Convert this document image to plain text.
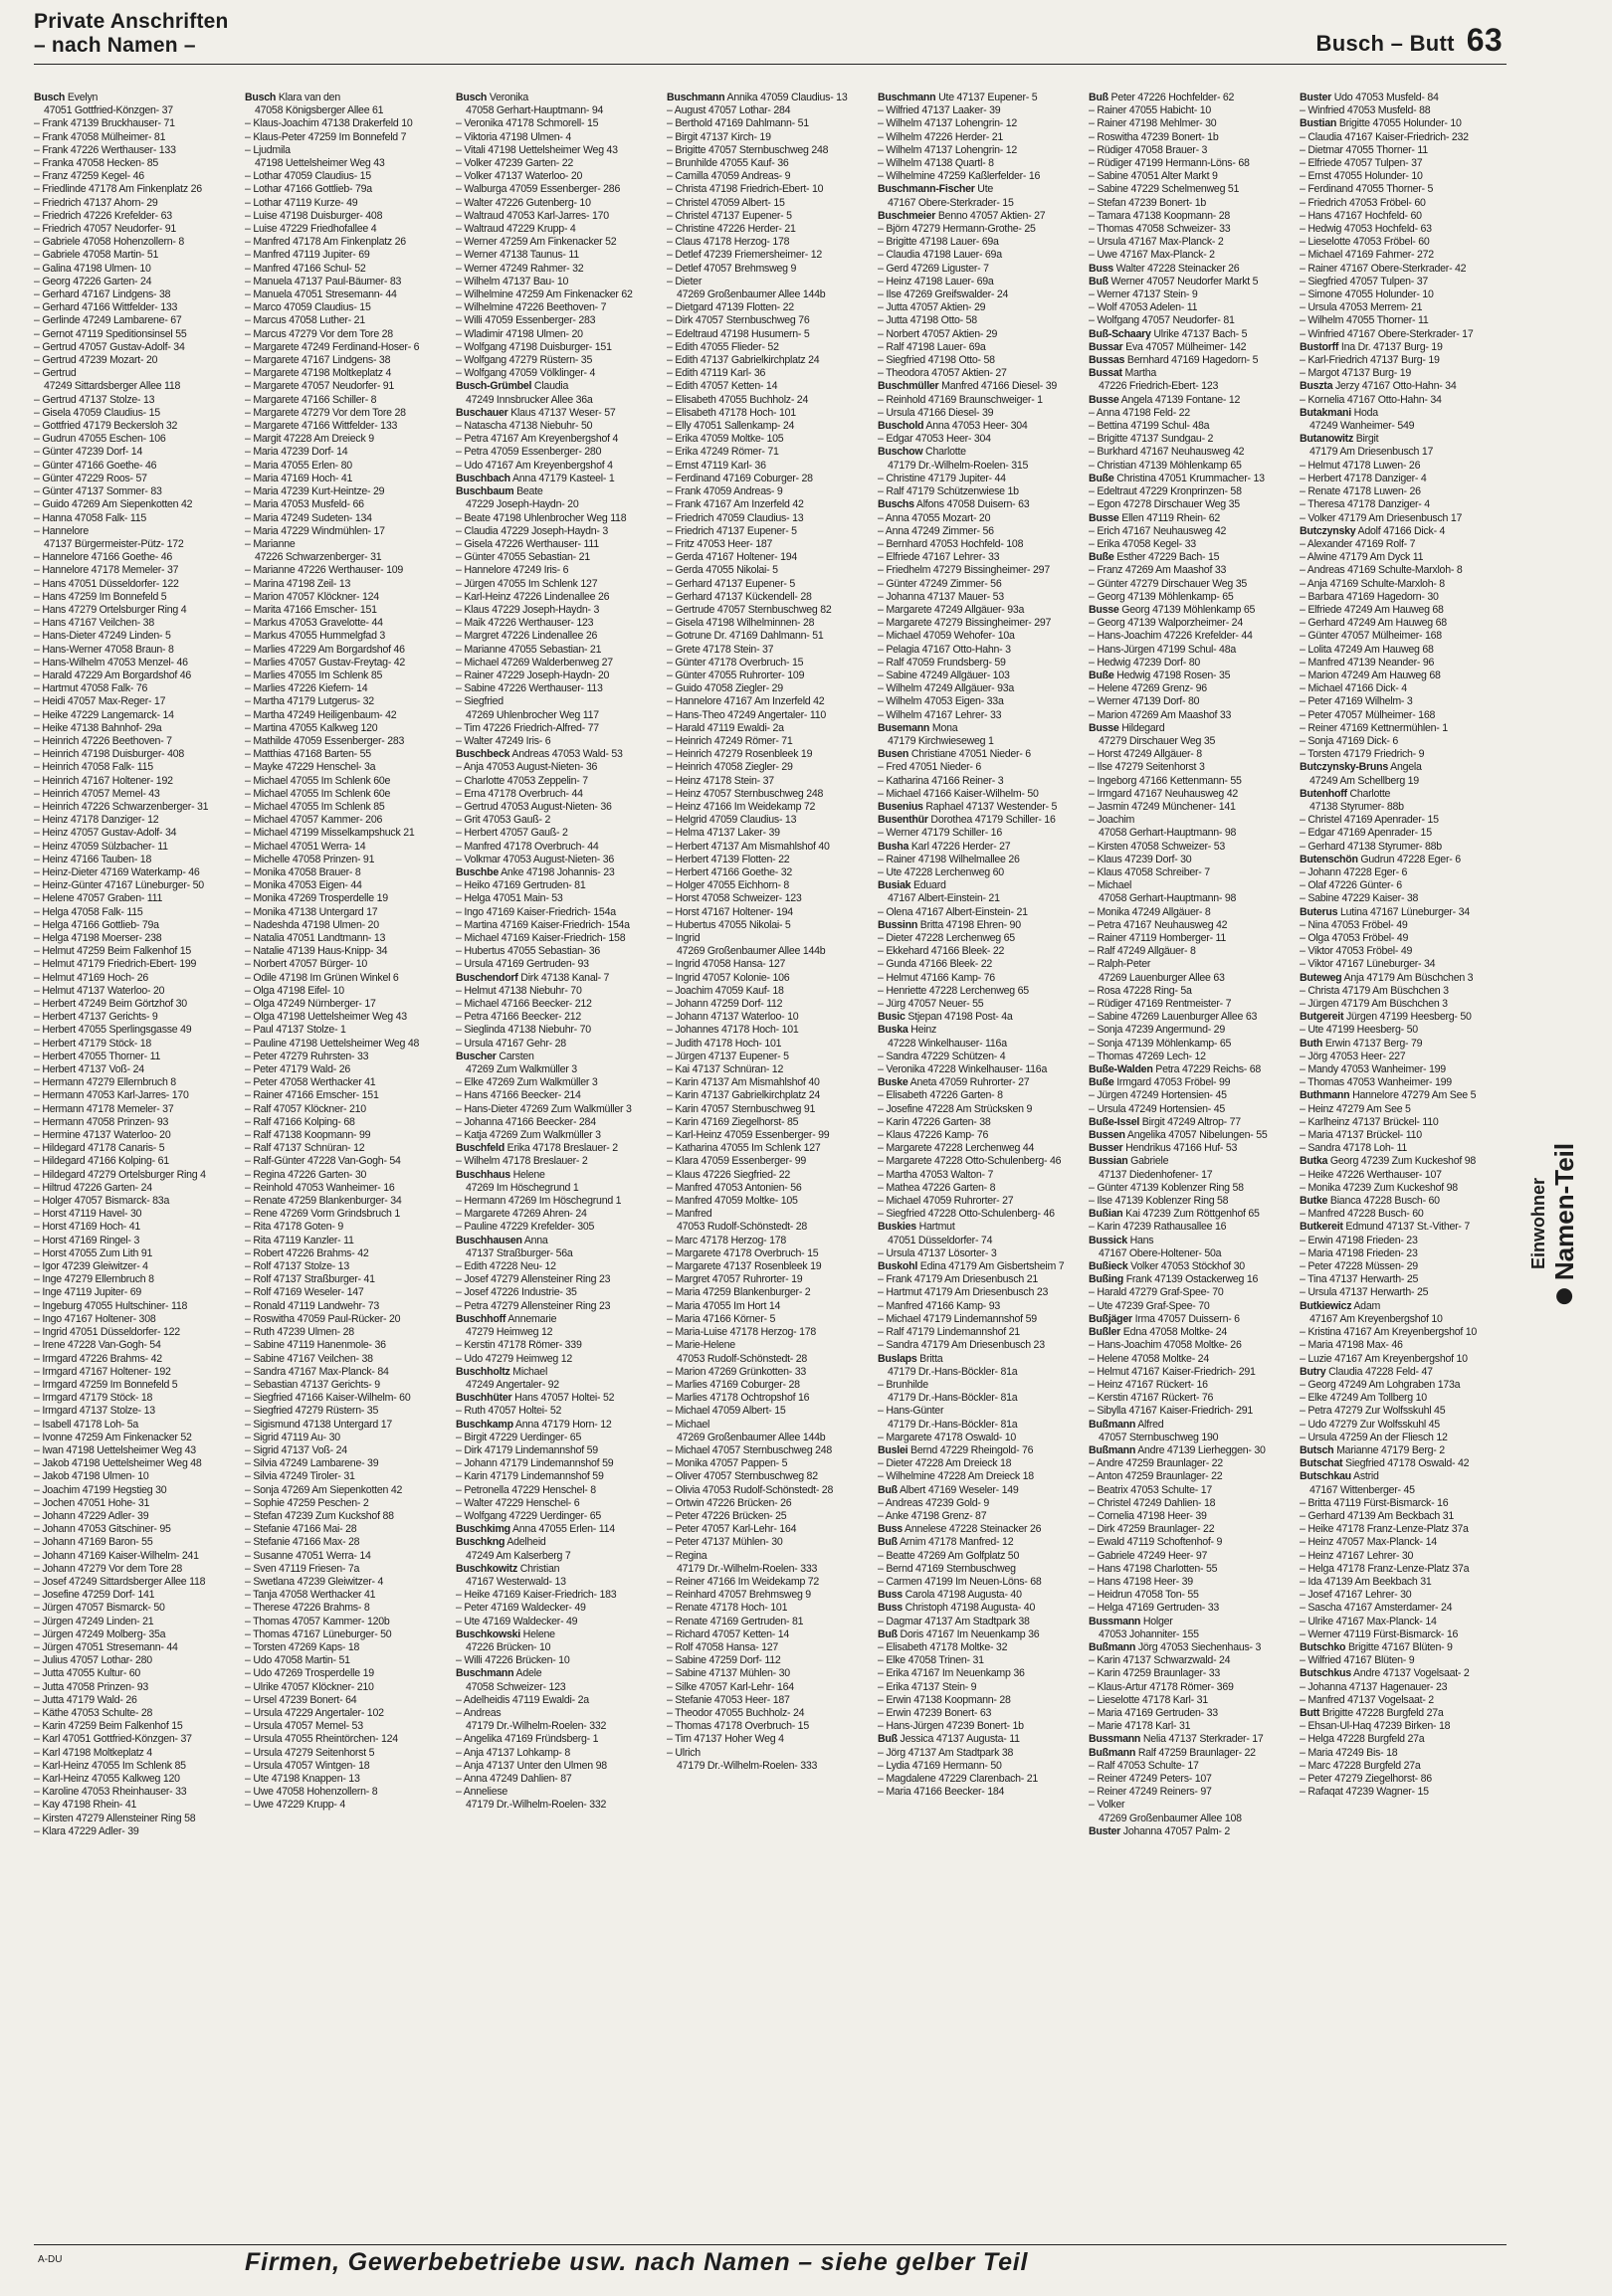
Private Anschriften
– nach Namen –	Busch – Butt 63
Busch Evelyn
47051 Gottfried-Könzgen- 37
– Frank 47139 Bruckhauser- 71
– Frank 47058 Mülheimer- 81
– Frank 47226 Werthauser- 133
– Franka 47058 Hecken- 85
– Franz 47259 Kegel- 46
– Friedlinde 47178 Am Finkenplatz 26
– Friedrich 47137 Ahorn- 29
– Friedrich 47226 Krefelder- 63
– Friedrich 47057 Neudorfer- 91
– Gabriele 47058 Hohenzollern- 8
– Gabriele 47058 Martin- 51
– Galina 47198 Ulmen- 10
– Georg 47226 Garten- 24
– Gerhard 47167 Lindgens- 38
– Gerhard 47166 Wittfelder- 133
– Gerlinde 47249 Lambarene- 67
– Gernot 47119 Speditionsinsel 55
– Gertrud 47057 Gustav-Adolf- 34
– Gertrud 47239 Mozart- 20
– Gertrud
47249 Sittardsberger Allee 118
– Gertrud 47137 Stolze- 13
– Gisela 47059 Claudius- 15
– Gottfried 47179 Beckersloh 32
– Gudrun 47055 Eschen- 106
– Günter 47239 Dorf- 14
– Günter 47166 Goethe- 46
– Günter 47229 Roos- 57
– Günter 47137 Sommer- 83
– Guido 47269 Am Siepenkotten 42
– Hanna 47058 Falk- 115
– Hannelore
47137 Bürgermeister-Pütz- 172
– Hannelore 47166 Goethe- 46
– Hannelore 47178 Memeler- 37
– Hans 47051 Düsseldorfer- 122
– Hans 47259 Im Bonnefeld 5
– Hans 47279 Ortelsburger Ring 4
– Hans 47167 Veilchen- 38
– Hans-Dieter 47249 Linden- 5
– Hans-Werner 47058 Braun- 8
– Hans-Wilhelm 47053 Menzel- 46
– Harald 47229 Am Borgardshof 46
– Hartmut 47058 Falk- 76
– Heidi 47057 Max-Reger- 17
– Heike 47229 Langemarck- 14
– Heike 47138 Bahnhof- 29a
– Heinrich 47226 Beethoven- 7
– Heinrich 47198 Duisburger- 408
– Heinrich 47058 Falk- 115
– Heinrich 47167 Holtener- 192
– Heinrich 47057 Memel- 43
– Heinrich 47226 Schwarzenberger- 31
– Heinz 47178 Danziger- 12
– Heinz 47057 Gustav-Adolf- 34
– Heinz 47059 Sülzbacher- 11
– Heinz 47166 Tauben- 18
– Heinz-Dieter 47169 Waterkamp- 46
– Heinz-Günter 47167 Lüneburger- 50
– Helene 47057 Graben- 111
– Helga 47058 Falk- 115
– Helga 47166 Gottlieb- 79a
– Helga 47198 Moerser- 238
– Helmut 47259 Beim Falkenhof 15
– Helmut 47179 Friedrich-Ebert- 199
– Helmut 47169 Hoch- 26
– Helmut 47137 Waterloo- 20
– Herbert 47249 Beim Görtzhof 30
– Herbert 47137 Gerichts- 9
– Herbert 47055 Sperlingsgasse 49
– Herbert 47179 Stöck- 18
– Herbert 47055 Thorner- 11
– Herbert 47137 Voß- 24
– Hermann 47279 Ellernbruch 8
– Hermann 47053 Karl-Jarres- 170
– Hermann 47178 Memeler- 37
– Hermann 47058 Prinzen- 93
– Hermine 47137 Waterloo- 20
– Hildegard 47178 Canaris- 5
– Hildegard 47166 Kolping- 61
– Hildegard 47279 Ortelsburger Ring 4
– Hiltrud 47226 Garten- 24
– Holger 47057 Bismarck- 83a
– Horst 47119 Havel- 30
– Horst 47169 Hoch- 41
– Horst 47169 Ringel- 3
– Horst 47055 Zum Lith 91
– Igor 47239 Gleiwitzer- 4
– Inge 47279 Ellernbruch 8
– Inge 47119 Jupiter- 69
– Ingeburg 47055 Hultschiner- 118
– Ingo 47167 Holtener- 308
– Ingrid 47051 Düsseldorfer- 122
– Irene 47228 Van-Gogh- 54
– Irmgard 47226 Brahms- 42
– Irmgard 47167 Holtener- 192
– Irmgard 47259 Im Bonnefeld 5
– Irmgard 47179 Stöck- 18
– Irmgard 47137 Stolze- 13
– Isabell 47178 Loh- 5a
– Ivonne 47259 Am Finkenacker 52
– Iwan 47198 Uettelsheimer Weg 43
– Jakob 47198 Uettelsheimer Weg 48
– Jakob 47198 Ulmen- 10
– Joachim 47199 Hegstieg 30
– Jochen 47051 Hohe- 31
– Johann 47229 Adler- 39
– Johann 47053 Gitschiner- 95
– Johann 47169 Baron- 55
– Johann 47169 Kaiser-Wilhelm- 241
– Johann 47279 Vor dem Tore 28
– Josef 47249 Sittardsberger Allee 118
– Josefine 47259 Dorf- 141
– Jürgen 47057 Bismarck- 50
– Jürgen 47249 Linden- 21
– Jürgen 47249 Molberg- 35a
– Jürgen 47051 Stresemann- 44
– Julius 47057 Lothar- 280
– Jutta 47055 Kultur- 60
– Jutta 47058 Prinzen- 93
– Jutta 47179 Wald- 26
– Käthe 47053 Schulte- 28
– Karin 47259 Beim Falkenhof 15
– Karl 47051 Gottfried-Könzgen- 37
– Karl 47198 Moltkeplatz 4
– Karl-Heinz 47055 Im Schlenk 85
– Karl-Heinz 47055 Kalkweg 120
– Karoline 47053 Rheinhauser- 33
– Kay 47198 Rhein- 41
– Kirsten 47279 Allensteiner Ring 58
– Klara 47229 Adler- 39
Busch Klara van den
47058 Königsberger Allee 61
– Klaus-Joachim 47138 Drakerfeld 10
– Klaus-Peter 47259 Im Bonnefeld 7
– Ljudmila
47198 Uettelsheimer Weg 43
– Lothar 47059 Claudius- 15
– Lothar 47166 Gottlieb- 79a
– Lothar 47119 Kurze- 49
– Luise 47198 Duisburger- 408
– Luise 47229 Friedhofallee 4
– Manfred 47178 Am Finkenplatz 26
– Manfred 47119 Jupiter- 69
– Manfred 47166 Schul- 52
– Manuela 47137 Paul-Bäumer- 83
– Manuela 47051 Stresemann- 44
– Marco 47059 Claudius- 15
– Marcus 47058 Luther- 21
– Marcus 47279 Vor dem Tore 28
– Margarete 47249 Ferdinand-Hoser- 6
– Margarete 47167 Lindgens- 38
– Margarete 47198 Moltkeplatz 4
– Margarete 47057 Neudorfer- 91
– Margarete 47166 Schiller- 8
– Margarete 47279 Vor dem Tore 28
– Margarete 47166 Wittfelder- 133
– Margit 47228 Am Dreieck 9
– Maria 47239 Dorf- 14
– Maria 47055 Erlen- 80
– Maria 47169 Hoch- 41
– Maria 47239 Kurt-Heintze- 29
– Maria 47053 Musfeld- 66
– Maria 47249 Sudeten- 134
– Maria 47229 Windmühlen- 17
– Marianne
47226 Schwarzenberger- 31
– Marianne 47226 Werthauser- 109
– Marina 47198 Zeil- 13
– Marion 47057 Klöckner- 124
– Marita 47166 Emscher- 151
– Markus 47053 Gravelotte- 44
– Markus 47055 Hummelgfad 3
– Marlies 47229 Am Borgardshof 46
– Marlies 47057 Gustav-Freytag- 42
– Marlies 47055 Im Schlenk 85
– Marlies 47226 Kiefern- 14
– Martha 47179 Lutgerus- 32
– Martha 47249 Heiligenbaum- 42
– Martina 47055 Kalkweg 120
– Mathilde 47059 Essenberger- 283
– Matthias 47168 Barten- 55
– Mayke 47229 Henschel- 3a
– Michael 47055 Im Schlenk 60e
– Michael 47055 Im Schlenk 60e
– Michael 47055 Im Schlenk 85
– Michael 47057 Kammer- 206
– Michael 47199 Misselkampshuck 21
– Michael 47051 Werra- 14
– Michelle 47058 Prinzen- 91
– Monika 47058 Brauer- 8
– Monika 47053 Eigen- 44
– Monika 47269 Trosperdelle 19
– Monika 47138 Untergard 17
– Nadeshda 47198 Ulmen- 20
– Natalia 47051 Landtmann- 13
– Natalie 47139 Haus-Knipp- 34
– Norbert 47057 Bürger- 10
– Odile 47198 Im Grünen Winkel 6
– Olga 47198 Eifel- 10
– Olga 47249 Nürnberger- 17
– Olga 47198 Uettelsheimer Weg 43
– Paul 47137 Stolze- 1
– Pauline 47198 Uettelsheimer Weg 48
– Peter 47279 Ruhrsten- 33
– Peter 47179 Wald- 26
– Peter 47058 Werthacker 41
– Rainer 47166 Emscher- 151
– Ralf 47057 Klöckner- 210
– Ralf 47166 Kolping- 68
– Ralf 47138 Koopmann- 99
– Ralf 47137 Schnüran- 12
– Ralf-Günter 47228 Van-Gogh- 54
– Regina 47226 Garten- 30
– Reinhold 47053 Wanheimer- 16
– Renate 47259 Blankenburger- 34
– Rene 47269 Vorm Grindsbruch 1
– Rita 47178 Goten- 9
– Rita 47119 Kanzler- 11
– Robert 47226 Brahms- 42
– Rolf 47137 Stolze- 13
– Rolf 47137 Straßburger- 41
– Rolf 47169 Weseler- 147
– Ronald 47119 Landwehr- 73
– Roswitha 47059 Paul-Rücker- 20
– Ruth 47239 Ulmen- 28
– Sabine 47119 Hanenmole- 36
– Sabine 47167 Veilchen- 38
– Sandra 47167 Max-Planck- 84
– Sebastian 47137 Gerichts- 9
– Siegfried 47166 Kaiser-Wilhelm- 60
– Siegfried 47279 Rüstern- 35
– Sigismund 47138 Untergard 17
– Sigrid 47119 Au- 30
– Sigrid 47137 Voß- 24
– Silvia 47249 Lambarene- 39
– Silvia 47249 Tiroler- 31
– Sonja 47269 Am Siepenkotten 42
– Sophie 47259 Peschen- 2
– Stefan 47239 Zum Kuckshof 88
– Stefanie 47166 Mai- 28
– Stefanie 47166 Max- 28
– Susanne 47051 Werra- 14
– Sven 47119 Friesen- 7a
– Swetlana 47239 Gleiwitzer- 4
– Tanja 47058 Werthacker 41
– Therese 47226 Brahms- 8
– Thomas 47057 Kammer- 120b
– Thomas 47167 Lüneburger- 50
– Torsten 47269 Kaps- 18
– Udo 47058 Martin- 51
– Udo 47269 Trosperdelle 19
– Ulrike 47057 Klöckner- 210
– Ursel 47239 Bonert- 64
– Ursula 47229 Angertaler- 102
– Ursula 47057 Memel- 53
– Ursula 47055 Rheintörchen- 124
– Ursula 47279 Seitenhorst 5
– Ursula 47057 Wintgen- 18
– Ute 47198 Knappen- 13
– Uwe 47058 Hohenzollern- 8
– Uwe 47229 Krupp- 4
Busch Veronika
47058 Gerhart-Hauptmann- 94
– Veronika 47178 Schmorell- 15
– Viktoria 47198 Ulmen- 4
– Vitali 47198 Uettelsheimer Weg 43
– Volker 47239 Garten- 22
– Volker 47137 Waterloo- 20
– Walburga 47059 Essenberger- 286
– Walter 47226 Gutenberg- 10
– Waltraud 47053 Karl-Jarres- 170
– Waltraud 47229 Krupp- 4
– Werner 47259 Am Finkenacker 52
– Werner 47138 Taunus- 11
– Werner 47249 Rahmer- 32
– Wilhelm 47137 Bau- 10
– Wilhelmine 47259 Am Finkenacker 62
– Wilhelmine 47226 Beethoven- 7
– Willi 47059 Essenberger- 283
– Wladimir 47198 Ulmen- 20
– Wolfgang 47198 Duisburger- 151
– Wolfgang 47279 Rüstern- 35
– Wolfgang 47059 Völklinger- 4
Busch-Grümbel Claudia
47249 Innsbrucker Allee 36a
Buschauer Klaus 47137 Weser- 57
– Natascha 47138 Niebuhr- 50
– Petra 47167 Am Kreyenbergshof 4
– Petra 47059 Essenberger- 280
– Udo 47167 Am Kreyenbergshof 4
Buschbach Anna 47179 Kasteel- 1
Buschbaum Beate
47229 Joseph-Haydn- 20
– Beate 47198 Uhlenbrocher Weg 118
– Claudia 47229 Joseph-Haydn- 3
– Gisela 47226 Werthauser- 111
– Günter 47055 Sebastian- 21
– Hannelore 47249 Iris- 6
– Jürgen 47055 Im Schlenk 127
– Karl-Heinz 47226 Lindenallee 26
– Klaus 47229 Joseph-Haydn- 3
– Maik 47226 Werthauser- 123
– Margret 47226 Lindenallee 26
– Marianne 47055 Sebastian- 21
– Michael 47269 Walderbenweg 27
– Rainer 47229 Joseph-Haydn- 20
– Sabine 47226 Werthauser- 113
– Siegfried
47269 Uhlenbrocher Weg 117
– Tim 47226 Friedrich-Alfred- 77
– Walter 47249 Iris- 6
Buschbeck Andreas 47053 Wald- 53
– Anja 47053 August-Nieten- 36
– Charlotte 47053 Zeppelin- 7
– Erna 47178 Overbruch- 44
– Gertrud 47053 August-Nieten- 36
– Grit 47053 Gauß- 2
– Herbert 47057 Gauß- 2
– Manfred 47178 Overbruch- 44
– Volkmar 47053 August-Nieten- 36
Buschbe Anke 47198 Johannis- 23
– Heiko 47169 Gertruden- 81
– Helga 47051 Main- 53
– Ingo 47169 Kaiser-Friedrich- 154a
– Martina 47169 Kaiser-Friedrich- 154a
– Michael 47169 Kaiser-Friedrich- 158
– Hubertus 47055 Sebastian- 36
– Ursula 47169 Gertruden- 93
Buschendorf Dirk 47138 Kanal- 7
– Helmut 47138 Niebuhr- 70
– Michael 47166 Beecker- 212
– Petra 47166 Beecker- 212
– Sieglinda 47138 Niebuhr- 70
– Ursula 47167 Gehr- 28
Buscher Carsten
47269 Zum Walkmüller 3
– Elke 47269 Zum Walkmüller 3
– Hans 47166 Beecker- 214
– Hans-Dieter 47269 Zum Walkmüller 3
– Johanna 47166 Beecker- 284
– Katja 47269 Zum Walkmüller 3
Buschfeld Erika 47178 Breslauer- 2
– Wilhelm 47178 Breslauer- 2
Buschhaus Helene
47269 Im Höschegrund 1
– Hermann 47269 Im Höschegrund 1
– Margarete 47269 Ahren- 24
– Pauline 47229 Krefelder- 305
Buschhausen Anna
47137 Straßburger- 56a
– Edith 47228 Neu- 12
– Josef 47279 Allensteiner Ring 23
– Josef 47226 Industrie- 35
– Petra 47279 Allensteiner Ring 23
Buschhoff Annemarie
47279 Heimweg 12
– Kerstin 47178 Römer- 339
– Udo 47279 Heimweg 12
Buschholtz Michael
47249 Angertaler- 92
Buschhüter Hans 47057 Holtei- 52
– Ruth 47057 Holtei- 52
Buschkamp Anna 47179 Horn- 12
– Birgit 47229 Uerdinger- 65
– Dirk 47179 Lindemannshof 59
– Johann 47179 Lindemannshof 59
– Karin 47179 Lindemannshof 59
– Petronella 47229 Henschel- 8
– Walter 47229 Henschel- 6
– Wolfgang 47229 Uerdinger- 65
Buschkimg Anna 47055 Erlen- 114
Buschkng Adelheid
47249 Am Kalserberg 7
Buschkowitz Christian
47167 Westerwald- 13
– Heike 47169 Kaiser-Friedrich- 183
– Peter 47169 Waldecker- 49
– Ute 47169 Waldecker- 49
Buschkowski Helene
47226 Brücken- 10
– Willi 47226 Brücken- 10
Buschmann Adele
47058 Schweizer- 123
– Adelheidis 47119 Ewaldi- 2a
– Andreas
47179 Dr.-Wilhelm-Roelen- 332
– Angelika 47169 Fründsberg- 1
– Anja 47137 Lohkamp- 8
– Anja 47137 Unter den Ulmen 98
– Anna 47249 Dahlien- 87
– Anneliese
47179 Dr.-Wilhelm-Roelen- 332
Buschmann Annika 47059 Claudius- 13
– August 47057 Lothar- 284
– Berthold 47169 Dahlmann- 51
– Birgit 47137 Kirch- 19
– Brigitte 47057 Sternbuschweg 248
– Brunhilde 47055 Kauf- 36
– Camilla 47059 Andreas- 9
– Christa 47198 Friedrich-Ebert- 10
– Christel 47059 Albert- 15
– Christel 47137 Eupener- 5
– Christine 47226 Herder- 21
– Claus 47178 Herzog- 178
– Detlef 47239 Friemersheimer- 12
– Detlef 47057 Brehmsweg 9
– Dieter
47269 Großenbaumer Allee 144b
– Dietgard 47139 Flotten- 22
– Dirk 47057 Sternbuschweg 76
– Edeltraud 47198 Husumern- 5
– Edith 47055 Flieder- 52
– Edith 47137 Gabrielkirchplatz 24
– Edith 47119 Karl- 36
– Edith 47057 Ketten- 14
– Elisabeth 47055 Buchholz- 24
– Elisabeth 47178 Hoch- 101
– Elly 47051 Sallenkamp- 24
– Erika 47059 Moltke- 105
– Erika 47249 Römer- 71
– Ernst 47119 Karl- 36
– Ferdinand 47169 Coburger- 28
– Frank 47059 Andreas- 9
– Frank 47167 Am Inzerfeld 42
– Friedrich 47059 Claudius- 13
– Friedrich 47137 Eupener- 5
– Fritz 47053 Heer- 187
– Gerda 47167 Holtener- 194
– Gerda 47055 Nikolai- 5
– Gerhard 47137 Eupener- 5
– Gerhard 47137 Kückendell- 28
– Gertrude 47057 Sternbuschweg 82
– Gisela 47198 Wilhelminnen- 28
– Gotrune Dr. 47169 Dahlmann- 51
– Grete 47178 Stein- 37
– Günter 47178 Overbruch- 15
– Günter 47055 Ruhrorter- 109
– Guido 47058 Ziegler- 29
– Hannelore 47167 Am Inzerfeld 42
– Hans-Theo 47249 Angertaler- 110
– Harald 47119 Ewaldi- 2a
– Heinrich 47249 Römer- 71
– Heinrich 47279 Rosenbleek 19
– Heinrich 47058 Ziegler- 29
– Heinz 47178 Stein- 37
– Heinz 47057 Sternbuschweg 248
– Heinz 47166 Im Weidekamp 72
– Helgrid 47059 Claudius- 13
– Helma 47137 Laker- 39
– Herbert 47137 Am Mismahlshof 40
– Herbert 47139 Flotten- 22
– Herbert 47166 Goethe- 32
– Holger 47055 Eichhorn- 8
– Horst 47058 Schweizer- 123
– Horst 47167 Holtener- 194
– Hubertus 47055 Nikolai- 5
– Ingrid
47269 Großenbaumer Allee 144b
– Ingrid 47058 Hansa- 127
– Ingrid 47057 Kolonie- 106
– Joachim 47059 Kauf- 18
– Johann 47259 Dorf- 112
– Johann 47137 Waterloo- 10
– Johannes 47178 Hoch- 101
– Judith 47178 Hoch- 101
– Jürgen 47137 Eupener- 5
– Kai 47137 Schnüran- 12
– Karin 47137 Am Mismahlshof 40
– Karin 47137 Gabrielkirchplatz 24
– Karin 47057 Sternbuschweg 91
– Karin 47169 Ziegelhorst- 85
– Karl-Heinz 47059 Essenberger- 99
– Katharina 47055 Im Schlenk 127
– Klara 47059 Essenberger- 99
– Klaus 47226 Siegfried- 22
– Manfred 47053 Antonien- 56
– Manfred 47059 Moltke- 105
– Manfred
47053 Rudolf-Schönstedt- 28
– Marc 47178 Herzog- 178
– Margarete 47178 Overbruch- 15
– Margarete 47137 Rosenbleek 19
– Margret 47057 Ruhrorter- 19
– Maria 47259 Blankenburger- 2
– Maria 47055 Im Hort 14
– Maria 47166 Körner- 5
– Maria-Luise 47178 Herzog- 178
– Marie-Helene
47053 Rudolf-Schönstedt- 28
– Marion 47269 Grünkotten- 33
– Marlies 47169 Coburger- 28
– Marlies 47178 Ochtropshof 16
– Michael 47059 Albert- 15
– Michael
47269 Großenbaumer Allee 144b
– Michael 47057 Sternbuschweg 248
– Monika 47057 Pappen- 5
– Oliver 47057 Sternbuschweg 82
– Olivia 47053 Rudolf-Schönstedt- 28
– Ortwin 47226 Brücken- 26
– Peter 47226 Brücken- 25
– Peter 47057 Karl-Lehr- 164
– Peter 47137 Mühlen- 30
– Regina
47179 Dr.-Wilhelm-Roelen- 333
– Reiner 47166 Im Weidekamp 72
– Reinhard 47057 Brehmsweg 9
– Renate 47178 Hoch- 101
– Renate 47169 Gertruden- 81
– Richard 47057 Ketten- 14
– Rolf 47058 Hansa- 127
– Sabine 47259 Dorf- 112
– Sabine 47137 Mühlen- 30
– Silke 47057 Karl-Lehr- 164
– Stefanie 47053 Heer- 187
– Theodor 47055 Buchholz- 24
– Thomas 47178 Overbruch- 15
– Tim 47137 Hoher Weg 4
– Ulrich
47179 Dr.-Wilhelm-Roelen- 333
Buschmann Ute 47137 Eupener- 5
– Wilfried 47137 Laaker- 39
– Wilhelm 47137 Lohengrin- 12
– Wilhelm 47226 Herder- 21
– Wilhelm 47137 Lohengrin- 12
– Wilhelm 47138 Quartl- 8
– Wilhelmine 47259 Kaßlerfelder- 16
Buschmann-Fischer Ute
47167 Obere-Sterkrader- 15
Buschmeier Benno 47057 Aktien- 27
– Björn 47279 Hermann-Grothe- 25
– Brigitte 47198 Lauer- 69a
– Claudia 47198 Lauer- 69a
– Gerd 47269 Liguster- 7
– Heinz 47198 Lauer- 69a
– Ilse 47269 Greifswalder- 24
– Jutta 47057 Aktien- 29
– Jutta 47198 Otto- 58
– Norbert 47057 Aktien- 29
– Ralf 47198 Lauer- 69a
– Siegfried 47198 Otto- 58
– Theodora 47057 Aktien- 27
Buschmüller Manfred 47166 Diesel- 39
– Reinhold 47169 Braunschweiger- 1
– Ursula 47166 Diesel- 39
Buschold Anna 47053 Heer- 304
– Edgar 47053 Heer- 304
Buschow Charlotte
47179 Dr.-Wilhelm-Roelen- 315
– Christine 47179 Jupiter- 44
– Ralf 47179 Schützenwiese 1b
Buschs Alfons 47058 Duisern- 63
– Anna 47055 Mozart- 20
– Anna 47249 Zimmer- 56
– Bernhard 47053 Hochfeld- 108
– Elfriede 47167 Lehrer- 33
– Friedhelm 47279 Bissingheimer- 297
– Günter 47249 Zimmer- 56
– Johanna 47137 Mauer- 53
– Margarete 47249 Allgäuer- 93a
– Margarete 47279 Bissingheimer- 297
– Michael 47059 Wehofer- 10a
– Pelagia 47167 Otto-Hahn- 3
– Ralf 47059 Frundsberg- 59
– Sabine 47249 Allgäuer- 103
– Wilhelm 47249 Allgäuer- 93a
– Wilhelm 47053 Eigen- 33a
– Wilhelm 47167 Lehrer- 33
Busemann Mona
47179 Kirchwieseweg 1
Busen Christiane 47051 Nieder- 6
– Fred 47051 Nieder- 6
– Katharina 47166 Reiner- 3
– Michael 47166 Kaiser-Wilhelm- 50
Busenius Raphael 47137 Westender- 5
Busenthür Dorothea 47179 Schiller- 16
– Werner 47179 Schiller- 16
Busha Karl 47226 Herder- 27
– Rainer 47198 Wilhelmallee 26
– Ute 47228 Lerchenweg 60
Busiak Eduard
47167 Albert-Einstein- 21
– Olena 47167 Albert-Einstein- 21
Bussinn Britta 47198 Ehren- 90
– Dieter 47228 Lerchenweg 65
– Ekkehard 47166 Bleek- 22
– Gunda 47166 Bleek- 22
– Helmut 47166 Kamp- 76
– Henriette 47228 Lerchenweg 65
– Jürg 47057 Neuer- 55
Busic Stjepan 47198 Post- 4a
Buska Heinz
47228 Winkelhauser- 116a
– Sandra 47229 Schützen- 4
– Veronika 47228 Winkelhauser- 116a
Buske Aneta 47059 Ruhrorter- 27
– Elisabeth 47226 Garten- 8
– Josefine 47228 Am Strücksken 9
– Karin 47226 Garten- 38
– Klaus 47226 Kamp- 76
– Margarete 47228 Lerchenweg 44
– Margarete 47228 Otto-Schulenberg- 46
– Martha 47053 Walton- 7
– Mathea 47226 Garten- 8
– Michael 47059 Ruhrorter- 27
– Siegfried 47228 Otto-Schulenberg- 46
Buskies Hartmut
47051 Düsseldorfer- 74
– Ursula 47137 Lösorter- 3
Buskohl Edina 47179 Am Gisbertsheim 7
– Frank 47179 Am Driesenbusch 21
– Hartmut 47179 Am Driesenbusch 23
– Manfred 47166 Kamp- 93
– Michael 47179 Lindemannshof 59
– Ralf 47179 Lindemannshof 21
– Sandra 47179 Am Driesenbusch 23
Buslaps Britta
47179 Dr.-Hans-Böckler- 81a
– Brunhilde
47179 Dr.-Hans-Böckler- 81a
– Hans-Günter
47179 Dr.-Hans-Böckler- 81a
– Margarete 47178 Oswald- 10
Buslei Bernd 47229 Rheingold- 76
– Dieter 47228 Am Dreieck 18
– Wilhelmine 47228 Am Dreieck 18
Buß Albert 47169 Weseler- 149
– Andreas 47239 Gold- 9
– Anke 47198 Grenz- 87
Buss Annelese 47228 Steinacker 26
Buß Arnim 47178 Manfred- 12
– Beatte 47269 Am Golfplatz 50
– Bernd 47169 Sternbuschweg
– Carmen 47199 Im Neuen-Löns- 68
Buss Carola 47198 Augusta- 40
Buss Christoph 47198 Augusta- 40
– Dagmar 47137 Am Stadtpark 38
Buß Doris 47167 Im Neuenkamp 36
– Elisabeth 47178 Moltke- 32
– Elke 47058 Trinen- 31
– Erika 47167 Im Neuenkamp 36
– Erika 47137 Stein- 9
– Erwin 47138 Koopmann- 28
– Erwin 47239 Bonert- 63
– Hans-Jürgen 47239 Bonert- 1b
Buß Jessica 47137 Augusta- 11
– Jörg 47137 Am Stadtpark 38
– Lydia 47169 Hermann- 50
– Magdalene 47229 Clarenbach- 21
– Maria 47166 Beecker- 184
Buß Peter 47226 Hochfelder- 62
– Rainer 47055 Habicht- 10
– Rainer 47198 Mehlmer- 30
– Roswitha 47239 Bonert- 1b
– Rüdiger 47058 Brauer- 3
– Rüdiger 47199 Hermann-Löns- 68
– Sabine 47051 Alter Markt 9
– Sabine 47229 Schelmenweg 51
– Stefan 47239 Bonert- 1b
– Tamara 47138 Koopmann- 28
– Thomas 47058 Schweizer- 33
– Ursula 47167 Max-Planck- 2
– Uwe 47167 Max-Planck- 2
Buss Walter 47228 Steinacker 26
Buß Werner 47057 Neudorfer Markt 5
– Werner 47137 Stein- 9
– Wolf 47053 Adelen- 11
– Wolfgang 47057 Neudorfer- 81
Buß-Schaary Ulrike 47137 Bach- 5
Bussar Eva 47057 Mülheimer- 142
Bussas Bernhard 47169 Hagedorn- 5
Bussat Martha
47226 Friedrich-Ebert- 123
Busse Angela 47139 Fontane- 12
– Anna 47198 Feld- 22
– Bettina 47199 Schul- 48a
– Brigitte 47137 Sundgau- 2
– Burkhard 47167 Neuhausweg 42
– Christian 47139 Möhlenkamp 65
Buße Christina 47051 Krummacher- 13
– Edeltraut 47229 Kronprinzen- 58
– Egon 47278 Dirschauer Weg 35
Busse Ellen 47119 Rhein- 62
– Erich 47167 Neuhausweg 42
– Erika 47058 Kegel- 33
Buße Esther 47229 Bach- 15
– Franz 47269 Am Maashof 33
– Günter 47279 Dirschauer Weg 35
– Georg 47139 Möhlenkamp- 65
Busse Georg 47139 Möhlenkamp 65
– Georg 47139 Walporzheimer- 24
– Hans-Joachim 47226 Krefelder- 44
– Hans-Jürgen 47199 Schul- 48a
– Hedwig 47239 Dorf- 80
Buße Hedwig 47198 Rosen- 35
– Helene 47269 Grenz- 96
– Werner 47139 Dorf- 80
– Marion 47269 Am Maashof 33
Busse Hildegard
47279 Dirschauer Weg 35
– Horst 47249 Allgäuer- 8
– Ilse 47279 Seitenhorst 3
– Ingeborg 47166 Kettenmann- 55
– Irmgard 47167 Neuhausweg 42
– Jasmin 47249 Münchener- 141
– Joachim
47058 Gerhart-Hauptmann- 98
– Kirsten 47058 Schweizer- 53
– Klaus 47239 Dorf- 30
– Klaus 47058 Schreiber- 7
– Michael
47058 Gerhart-Hauptmann- 98
– Monika 47249 Allgäuer- 8
– Petra 47167 Neuhausweg 42
– Rainer 47119 Homberger- 11
– Ralf 47249 Allgäuer- 8
– Ralph-Peter
47269 Lauenburger Allee 63
– Rosa 47228 Ring- 5a
– Rüdiger 47169 Rentmeister- 7
– Sabine 47269 Lauenburger Allee 63
– Sonja 47239 Angermund- 29
– Sonja 47139 Möhlenkamp- 65
– Thomas 47269 Lech- 12
Buße-Walden Petra 47229 Reichs- 68
Buße Irmgard 47053 Fröbel- 99
– Jürgen 47249 Hortensien- 45
– Ursula 47249 Hortensien- 45
Buße-Issel Birgit 47249 Altrop- 77
Bussen Angelika 47057 Nibelungen- 55
Busser Hendrikus 47166 Huf- 53
Bussian Gabriele
47137 Diedenhofener- 17
– Günter 47139 Koblenzer Ring 58
– Ilse 47139 Koblenzer Ring 58
Bußian Kai 47239 Zum Röttgenhof 65
– Karin 47239 Rathausallee 16
Bussick Hans
47167 Obere-Holtener- 50a
Bußieck Volker 47053 Stöckhof 30
Bußing Frank 47139 Ostackerweg 16
– Harald 47279 Graf-Spee- 70
– Ute 47239 Graf-Spee- 70
Bußjäger Irma 47057 Duissern- 6
Bußler Edna 47058 Moltke- 24
– Hans-Joachim 47058 Moltke- 26
– Helene 47058 Moltke- 24
– Helmut 47167 Kaiser-Friedrich- 291
– Heinz 47167 Rückert- 16
– Kerstin 47167 Rückert- 76
– Sibylla 47167 Kaiser-Friedrich- 291
Bußmann Alfred
47057 Sternbuschweg 190
Bußmann Andre 47139 Lierheggen- 30
– Andre 47259 Braunlager- 22
– Anton 47259 Braunlager- 22
– Beatrix 47053 Schulte- 17
– Christel 47249 Dahlien- 18
– Cornelia 47198 Heer- 39
– Dirk 47259 Braunlager- 22
– Ewald 47119 Schoftenhof- 9
– Gabriele 47249 Heer- 97
– Hans 47198 Charlotten- 55
– Hans 47198 Heer- 39
– Heidrun 47058 Ton- 55
– Helga 47169 Gertruden- 33
Bussmann Holger
47053 Johanniter- 155
Bußmann Jörg 47053 Siechenhaus- 3
– Karin 47137 Schwarzwald- 24
– Karin 47259 Braunlager- 33
– Klaus-Artur 47178 Römer- 369
– Lieselotte 47178 Karl- 31
– Maria 47169 Gertruden- 33
– Marie 47178 Karl- 31
Bussmann Nelia 47137 Sterkrader- 17
Bußmann Ralf 47259 Braunlager- 22
– Ralf 47053 Schulte- 17
– Reiner 47249 Peters- 107
– Reiner 47249 Reiners- 97
– Volker
47269 Großenbaumer Allee 108
Buster Johanna 47057 Palm- 2
Buster Udo 47053 Musfeld- 84
– Winfried 47053 Musfeld- 88
Bustian Brigitte 47055 Holunder- 10
– Claudia 47167 Kaiser-Friedrich- 232
– Dietmar 47055 Thorner- 11
– Elfriede 47057 Tulpen- 37
– Ernst 47055 Holunder- 10
– Ferdinand 47055 Thorner- 5
– Friedrich 47053 Fröbel- 60
– Hans 47167 Hochfeld- 60
– Hedwig 47053 Hochfeld- 63
– Lieselotte 47053 Fröbel- 60
– Michael 47169 Fahrner- 272
– Rainer 47167 Obere-Sterkrader- 42
– Siegfried 47057 Tulpen- 37
– Simone 47055 Holunder- 10
– Ursula 47053 Merrem- 21
– Wilhelm 47055 Thorner- 11
– Winfried 47167 Obere-Sterkrader- 17
Bustorff Ina Dr. 47137 Burg- 19
– Karl-Friedrich 47137 Burg- 19
– Margot 47137 Burg- 19
Buszta Jerzy 47167 Otto-Hahn- 34
– Kornelia 47167 Otto-Hahn- 34
Butakmani Hoda
47249 Wanheimer- 549
Butanowitz Birgit
47179 Am Driesenbusch 17
– Helmut 47178 Luwen- 26
– Herbert 47178 Danziger- 4
– Renate 47178 Luwen- 26
– Theresa 47178 Danziger- 4
– Volker 47179 Am Driesenbusch 17
Butczynsky Adolf 47166 Dick- 4
– Alexander 47169 Rolf- 7
– Alwine 47179 Am Dyck 11
– Andreas 47169 Schulte-Marxloh- 8
– Anja 47169 Schulte-Marxloh- 8
– Barbara 47169 Hagedorn- 30
– Elfriede 47249 Am Hauweg 68
– Gerhard 47249 Am Hauweg 68
– Günter 47057 Mülheimer- 168
– Lolita 47249 Am Hauweg 68
– Manfred 47139 Neander- 96
– Marion 47249 Am Hauweg 68
– Michael 47166 Dick- 4
– Peter 47169 Wilhelm- 3
– Peter 47057 Mülheimer- 168
– Reiner 47169 Kettnermühlen- 1
– Sonja 47169 Dick- 6
– Torsten 47179 Friedrich- 9
Butczynsky-Bruns Angela
47249 Am Schellberg 19
Butenhoff Charlotte
47138 Styrumer- 88b
– Christel 47169 Apenrader- 15
– Edgar 47169 Apenrader- 15
– Gerhard 47138 Styrumer- 88b
Butenschön Gudrun 47228 Eger- 6
– Johann 47228 Eger- 6
– Olaf 47226 Günter- 6
– Sabine 47229 Kaiser- 38
Buterus Lutina 47167 Lüneburger- 34
– Nina 47053 Fröbel- 49
– Olga 47053 Fröbel- 49
– Viktor 47053 Fröbel- 49
– Viktor 47167 Lüneburger- 34
Buteweg Anja 47179 Am Büschchen 3
– Christa 47179 Am Büschchen 3
– Jürgen 47179 Am Büschchen 3
Butgereit Jürgen 47199 Heesberg- 50
– Ute 47199 Heesberg- 50
Buth Erwin 47137 Berg- 79
– Jörg 47053 Heer- 227
– Mandy 47053 Wanheimer- 199
– Thomas 47053 Wanheimer- 199
Buthmann Hannelore 47279 Am See 5
– Heinz 47279 Am See 5
– Karlheinz 47137 Brückel- 110
– Maria 47137 Brückel- 110
– Sandra 47178 Loh- 11
Butka Georg 47239 Zum Kuckeshof 98
– Heike 47226 Werthauser- 107
– Monika 47239 Zum Kuckeshof 98
Butke Bianca 47228 Busch- 60
– Manfred 47228 Busch- 60
Butkereit Edmund 47137 St.-Vither- 7
– Erwin 47198 Frieden- 23
– Maria 47198 Frieden- 23
– Peter 47228 Müssen- 29
– Tina 47137 Herwarth- 25
– Ursula 47137 Herwarth- 25
Butkiewicz Adam
47167 Am Kreyenbergshof 10
– Kristina 47167 Am Kreyenbergshof 10
– Maria 47198 Max- 46
– Luzie 47167 Am Kreyenbergshof 10
Butry Claudia 47228 Feld- 47
– Georg 47249 Am Lohgraben 173a
– Elke 47249 Am Tollberg 10
– Petra 47279 Zur Wolfsskuhl 45
– Udo 47279 Zur Wolfsskuhl 45
– Ursula 47259 An der Fliesch 12
Butsch Marianne 47179 Berg- 2
Butschat Siegfried 47178 Oswald- 42
Butschkau Astrid
47167 Wittenberger- 45
– Britta 47119 Fürst-Bismarck- 16
– Gerhard 47139 Am Beckbach 31
– Heike 47178 Franz-Lenze-Platz 37a
– Heinz 47057 Max-Planck- 14
– Heinz 47167 Lehrer- 30
– Helga 47178 Franz-Lenze-Platz 37a
– Ida 47139 Am Beekbach 31
– Josef 47167 Lehrer- 30
– Sascha 47167 Amsterdamer- 24
– Ulrike 47167 Max-Planck- 14
– Werner 47119 Fürst-Bismarck- 16
Butschko Brigitte 47167 Blüten- 9
– Wilfried 47167 Blüten- 9
Butschkus Andre 47137 Vogelsaat- 2
– Johanna 47137 Hagenauer- 23
– Manfred 47137 Vogelsaat- 2
Butt Brigitte 47228 Burgfeld 27a
– Ehsan-Ul-Haq 47239 Birken- 18
– Helga 47228 Burgfeld 27a
– Maria 47249 Bis- 18
– Marc 47228 Burgfeld 27a
– Peter 47279 Ziegelhorst- 86
– Rafaqat 47239 Wagner- 15
Einwohner Namen-Teil
A-DU	Firmen, Gewerbebetriebe usw. nach Namen – siehe gelber Teil
